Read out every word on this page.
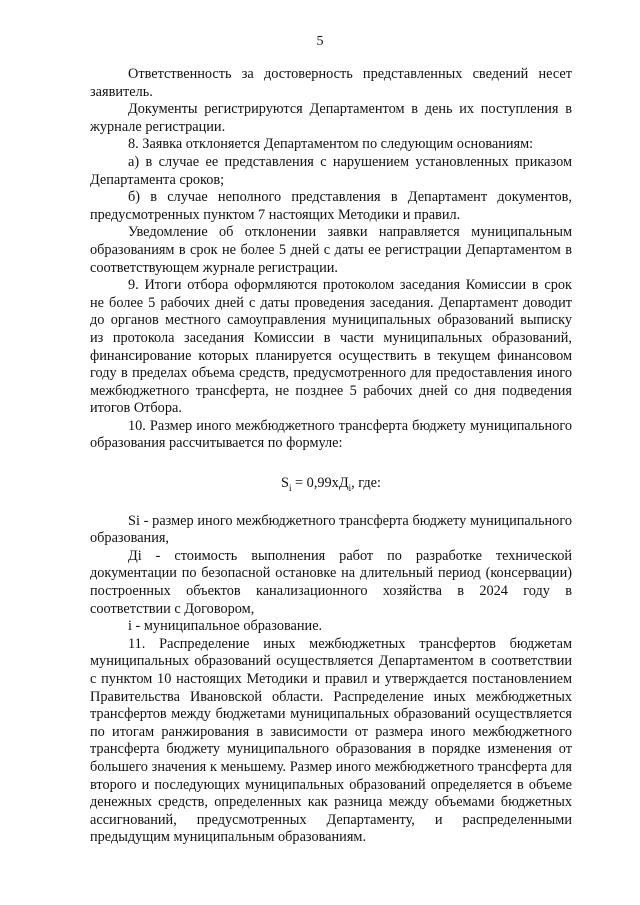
5

Ответственность за достоверность представленных сведений несет заявитель.

Документы регистрируются Департаментом в день их поступления в журнале регистрации.

8. Заявка отклоняется Департаментом по следующим основаниям:

а) в случае ее представления с нарушением установленных приказом Департамента сроков;

б) в случае неполного представления в Департамент документов, предусмотренных пунктом 7 настоящих Методики и правил.

Уведомление об отклонении заявки направляется муниципальным образованиям в срок не более 5 дней с даты ее регистрации Департаментом в соответствующем журнале регистрации.

9. Итоги отбора оформляются протоколом заседания Комиссии в срок не более 5 рабочих дней с даты проведения заседания. Департамент доводит до органов местного самоуправления муниципальных образований выписку из протокола заседания Комиссии в части муниципальных образований, финансирование которых планируется осуществить в текущем финансовом году в пределах объема средств, предусмотренного для предоставления иного межбюджетного трансферта, не позднее 5 рабочих дней со дня подведения итогов Отбора.

10. Размер иного межбюджетного трансферта бюджету муниципального образования рассчитывается по формуле:

$S_i = 0,99хД_i$, где:

Si - размер иного межбюджетного трансферта бюджету муниципального образования,

Дi - стоимость выполнения работ по разработке технической документации по безопасной остановке на длительный период (консервации) построенных объектов канализационного хозяйства в 2024 году в соответствии с Договором,

i - муниципальное образование.

11. Распределение иных межбюджетных трансфертов бюджетам муниципальных образований осуществляется Департаментом в соответствии с пунктом 10 настоящих Методики и правил и утверждается постановлением Правительства Ивановской области. Распределение иных межбюджетных трансфертов между бюджетами муниципальных образований осуществляется по итогам ранжирования в зависимости от размера иного межбюджетного трансферта бюджету муниципального образования в порядке изменения от большего значения к меньшему. Размер иного межбюджетного трансферта для второго и последующих муниципальных образований определяется в объеме денежных средств, определенных как разница между объемами бюджетных ассигнований, предусмотренных Департаменту, и распределенными предыдущим муниципальным образованиям.
